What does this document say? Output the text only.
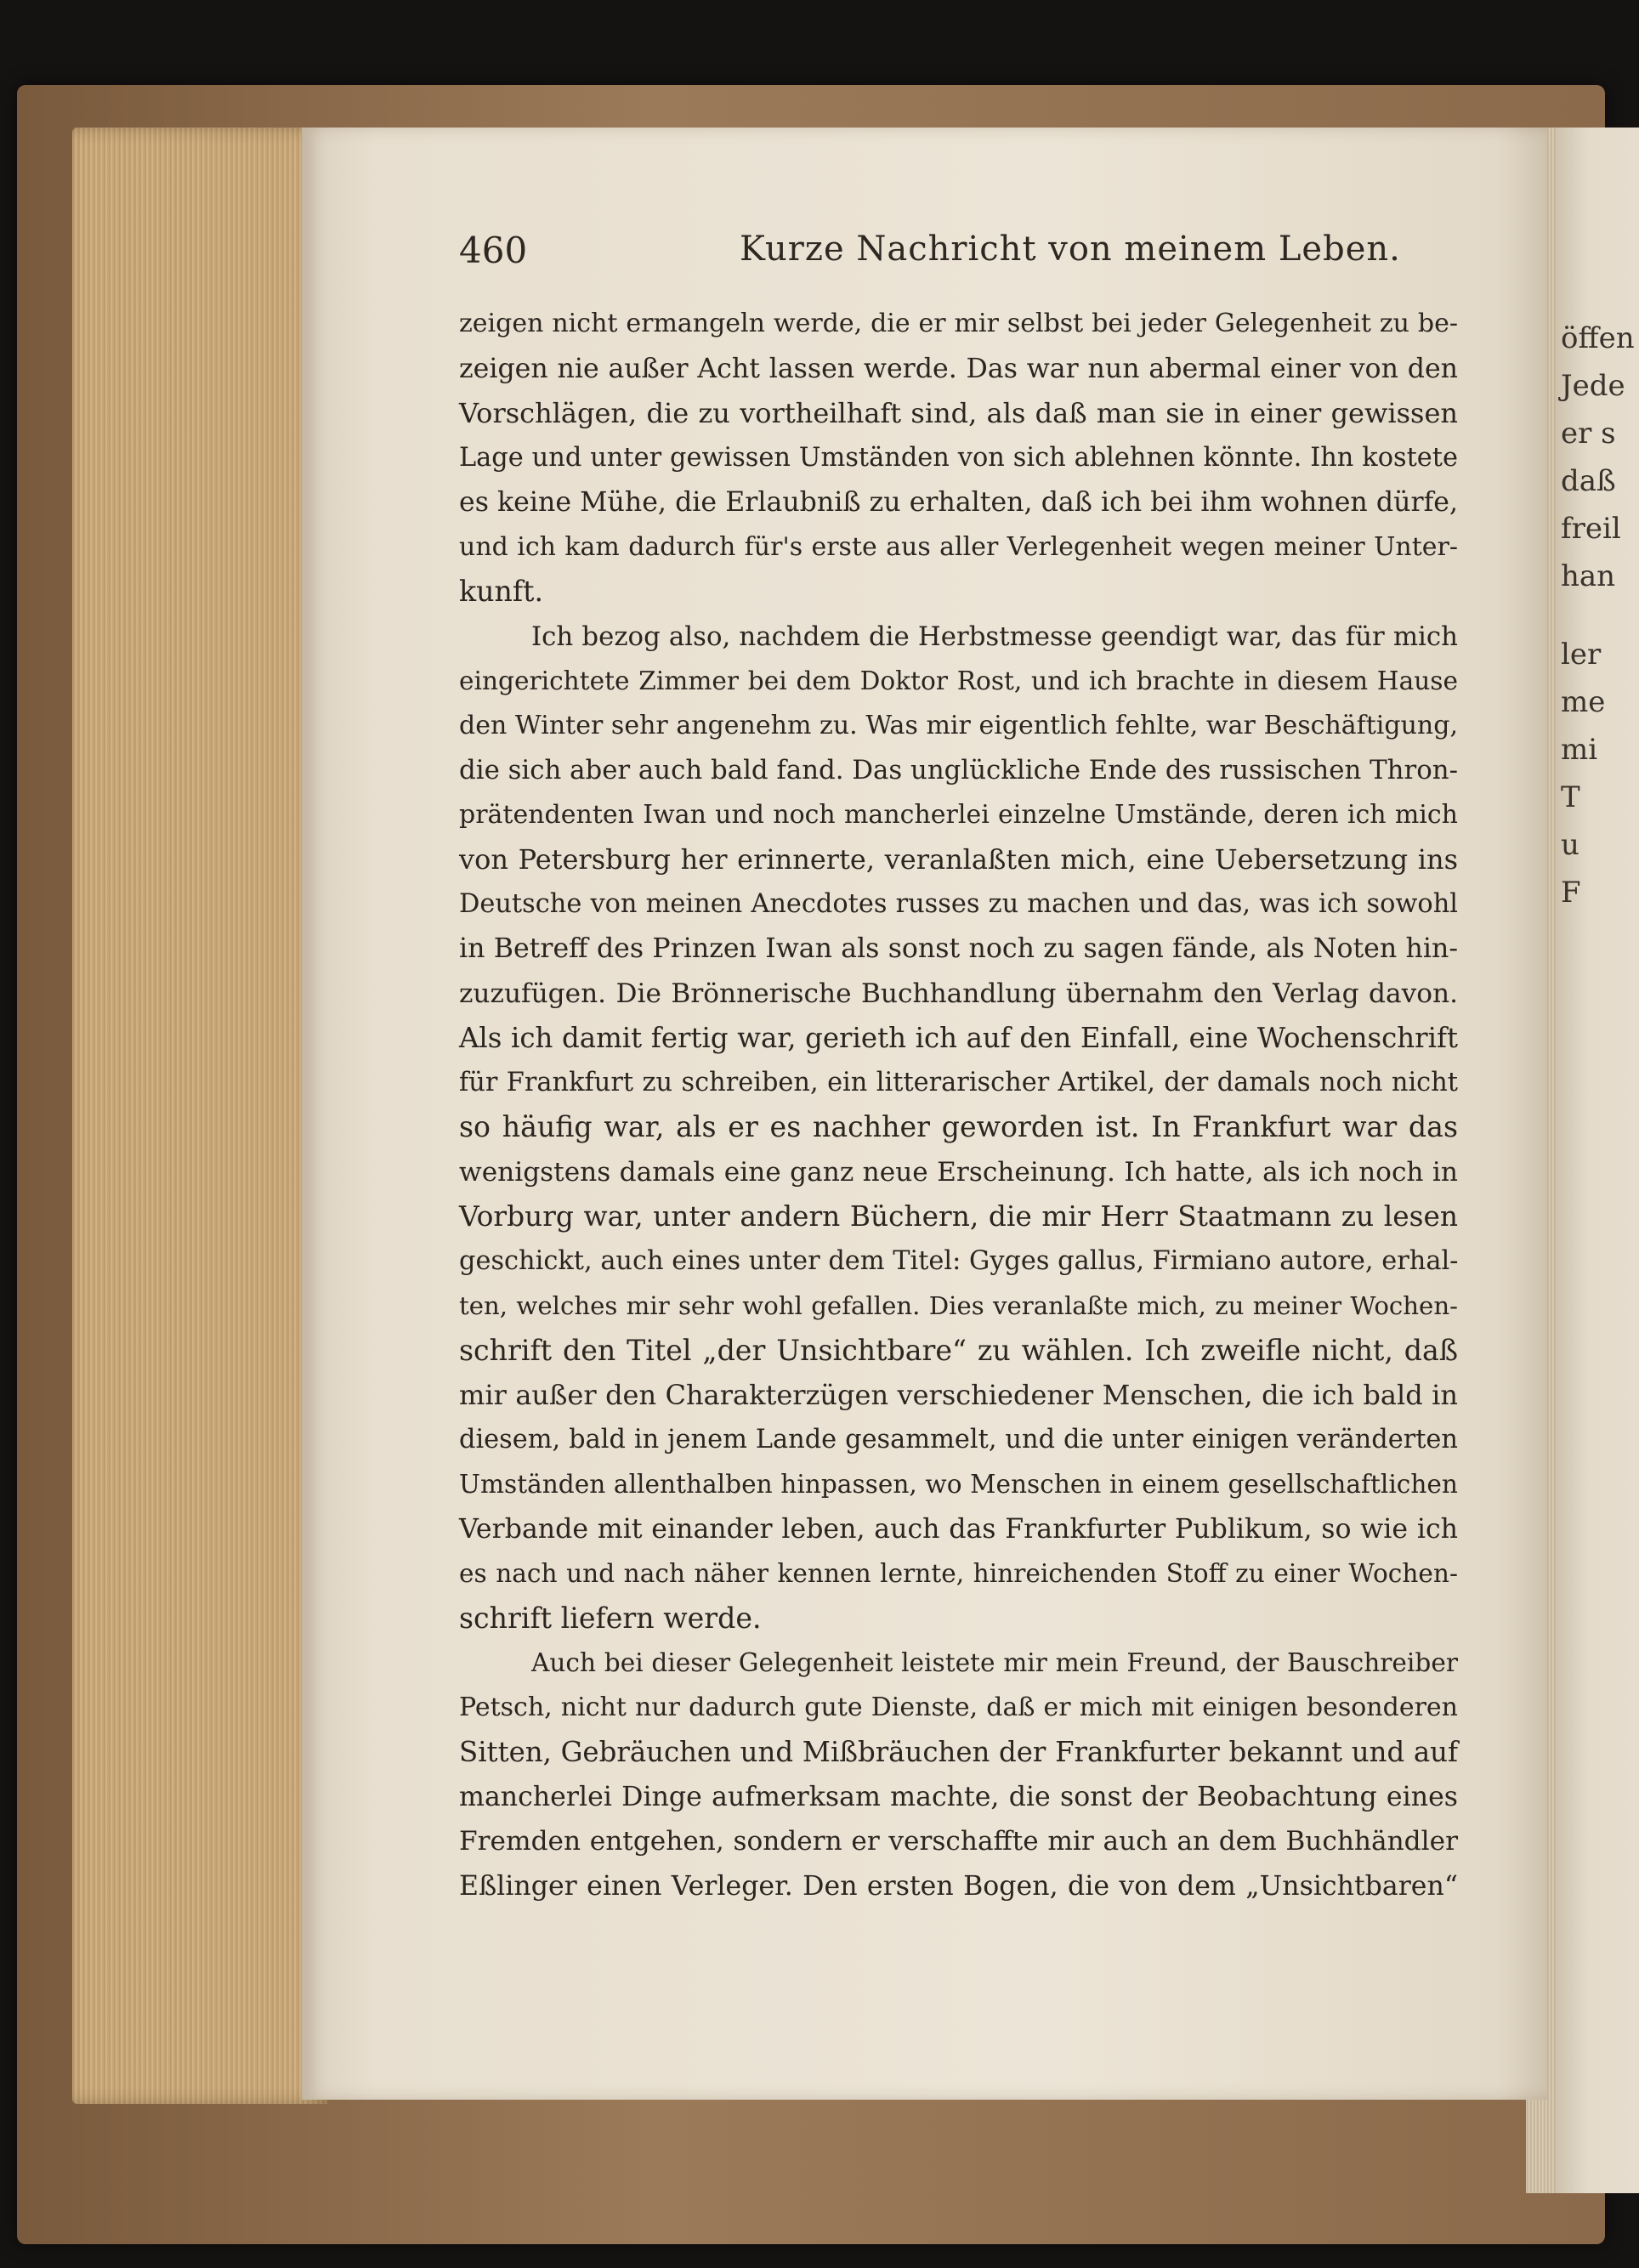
öffen
Jede
er s
daß
freil
han
ler
me
mi
T
u
F
460	Kurze Nachricht von meinem Leben.
zeigen nicht ermangeln werde, die er mir selbst bei jeder Gelegenheit zu be-
zeigen nie außer Acht lassen werde. Das war nun abermal einer von den
Vorschlägen, die zu vortheilhaft sind, als daß man sie in einer gewissen
Lage und unter gewissen Umständen von sich ablehnen könnte. Ihn kostete
es keine Mühe, die Erlaubniß zu erhalten, daß ich bei ihm wohnen dürfe,
und ich kam dadurch für's erste aus aller Verlegenheit wegen meiner Unter-
kunft.
Ich bezog also, nachdem die Herbstmesse geendigt war, das für mich
eingerichtete Zimmer bei dem Doktor Rost, und ich brachte in diesem Hause
den Winter sehr angenehm zu. Was mir eigentlich fehlte, war Beschäftigung,
die sich aber auch bald fand. Das unglückliche Ende des russischen Thron-
prätendenten Iwan und noch mancherlei einzelne Umstände, deren ich mich
von Petersburg her erinnerte, veranlaßten mich, eine Uebersetzung ins
Deutsche von meinen Anecdotes russes zu machen und das, was ich sowohl
in Betreff des Prinzen Iwan als sonst noch zu sagen fände, als Noten hin-
zuzufügen. Die Brönnerische Buchhandlung übernahm den Verlag davon.
Als ich damit fertig war, gerieth ich auf den Einfall, eine Wochenschrift
für Frankfurt zu schreiben, ein litterarischer Artikel, der damals noch nicht
so häufig war, als er es nachher geworden ist. In Frankfurt war das
wenigstens damals eine ganz neue Erscheinung. Ich hatte, als ich noch in
Vorburg war, unter andern Büchern, die mir Herr Staatmann zu lesen
geschickt, auch eines unter dem Titel: Gyges gallus, Firmiano autore, erhal-
ten, welches mir sehr wohl gefallen. Dies veranlaßte mich, zu meiner Wochen-
schrift den Titel „der Unsichtbare“ zu wählen. Ich zweifle nicht, daß
mir außer den Charakterzügen verschiedener Menschen, die ich bald in
diesem, bald in jenem Lande gesammelt, und die unter einigen veränderten
Umständen allenthalben hinpassen, wo Menschen in einem gesellschaftlichen
Verbande mit einander leben, auch das Frankfurter Publikum, so wie ich
es nach und nach näher kennen lernte, hinreichenden Stoff zu einer Wochen-
schrift liefern werde.
Auch bei dieser Gelegenheit leistete mir mein Freund, der Bauschreiber
Petsch, nicht nur dadurch gute Dienste, daß er mich mit einigen besonderen
Sitten, Gebräuchen und Mißbräuchen der Frankfurter bekannt und auf
mancherlei Dinge aufmerksam machte, die sonst der Beobachtung eines
Fremden entgehen, sondern er verschaffte mir auch an dem Buchhändler
Eßlinger einen Verleger. Den ersten Bogen, die von dem „Unsichtbaren“
